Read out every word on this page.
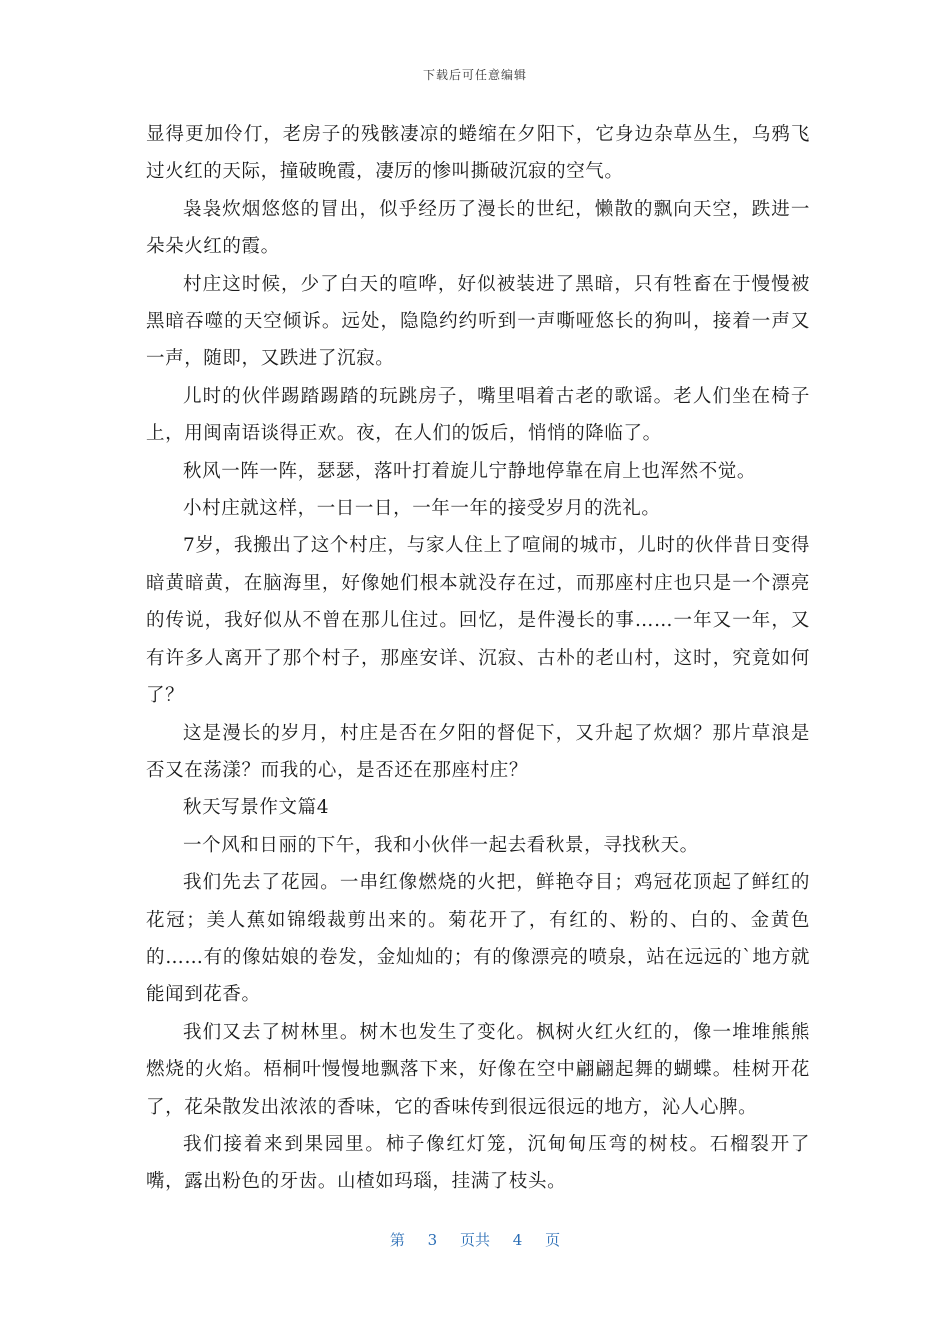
下载后可任意编辑

显得更加伶仃，老房子的残骸凄凉的蜷缩在夕阳下，它身边杂草丛生，乌鸦飞过火红的天际，撞破晚霞，凄厉的惨叫撕破沉寂的空气。

袅袅炊烟悠悠的冒出，似乎经历了漫长的世纪，懒散的飘向天空，跌进一朵朵火红的霞。

村庄这时候，少了白天的喧哗，好似被装进了黑暗，只有牲畜在于慢慢被黑暗吞噬的天空倾诉。远处，隐隐约约听到一声嘶哑悠长的狗叫，接着一声又一声，随即，又跌进了沉寂。

儿时的伙伴踢踏踢踏的玩跳房子，嘴里唱着古老的歌谣。老人们坐在椅子上，用闽南语谈得正欢。夜，在人们的饭后，悄悄的降临了。

秋风一阵一阵，瑟瑟，落叶打着旋儿宁静地停靠在肩上也浑然不觉。

小村庄就这样，一日一日，一年一年的接受岁月的洗礼。

7岁，我搬出了这个村庄，与家人住上了喧闹的城市，儿时的伙伴昔日变得暗黄暗黄，在脑海里，好像她们根本就没存在过，而那座村庄也只是一个漂亮的传说，我好似从不曾在那儿住过。回忆，是件漫长的事……一年又一年，又有许多人离开了那个村子，那座安详、沉寂、古朴的老山村，这时，究竟如何了？

这是漫长的岁月，村庄是否在夕阳的督促下，又升起了炊烟？那片草浪是否又在荡漾？而我的心，是否还在那座村庄？

秋天写景作文篇4

一个风和日丽的下午，我和小伙伴一起去看秋景，寻找秋天。

我们先去了花园。一串红像燃烧的火把，鲜艳夺目；鸡冠花顶起了鲜红的花冠；美人蕉如锦缎裁剪出来的。菊花开了，有红的、粉的、白的、金黄色的……有的像姑娘的卷发，金灿灿的；有的像漂亮的喷泉，站在远远的`地方就能闻到花香。

我们又去了树林里。树木也发生了变化。枫树火红火红的，像一堆堆熊熊燃烧的火焰。梧桐叶慢慢地飘落下来，好像在空中翩翩起舞的蝴蝶。桂树开花了，花朵散发出浓浓的香味，它的香味传到很远很远的地方，沁人心脾。

我们接着来到果园里。柿子像红灯笼，沉甸甸压弯的树枝。石榴裂开了嘴，露出粉色的牙齿。山楂如玛瑙，挂满了枝头。

第 3 页共 4 页
